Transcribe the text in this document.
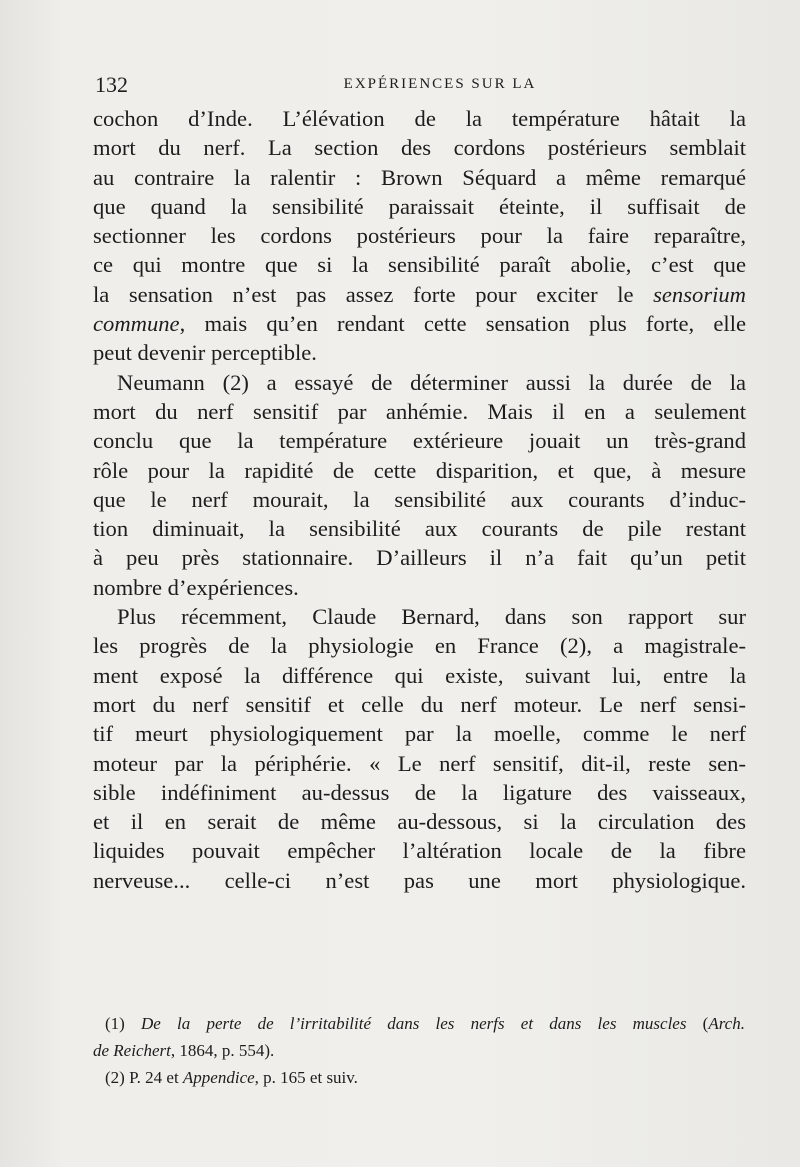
132	EXPÉRIENCES SUR LA
cochon d’Inde. L’élévation de la température hâtait la
mort du nerf. La section des cordons postérieurs semblait
au contraire la ralentir : Brown Séquard a même remarqué
que quand la sensibilité paraissait éteinte, il suffisait de
sectionner les cordons postérieurs pour la faire reparaître,
ce qui montre que si la sensibilité paraît abolie, c’est que
la sensation n’est pas assez forte pour exciter le sensorium
commune, mais qu’en rendant cette sensation plus forte, elle
peut devenir perceptible.
Neumann (2) a essayé de déterminer aussi la durée de la
mort du nerf sensitif par anhémie. Mais il en a seulement
conclu que la température extérieure jouait un très-grand
rôle pour la rapidité de cette disparition, et que, à mesure
que le nerf mourait, la sensibilité aux courants d’induc-
tion diminuait, la sensibilité aux courants de pile restant
à peu près stationnaire. D’ailleurs il n’a fait qu’un petit
nombre d’expériences.
Plus récemment, Claude Bernard, dans son rapport sur
les progrès de la physiologie en France (2), a magistrale-
ment exposé la différence qui existe, suivant lui, entre la
mort du nerf sensitif et celle du nerf moteur. Le nerf sensi-
tif meurt physiologiquement par la moelle, comme le nerf
moteur par la périphérie. « Le nerf sensitif, dit-il, reste sen-
sible indéfiniment au-dessus de la ligature des vaisseaux,
et il en serait de même au-dessous, si la circulation des
liquides pouvait empêcher l’altération locale de la fibre
nerveuse... celle-ci n’est pas une mort physiologique.
(1) De la perte de l’irritabilité dans les nerfs et dans les muscles (Arch.
de Reichert, 1864, p. 554).
(2) P. 24 et Appendice, p. 165 et suiv.
